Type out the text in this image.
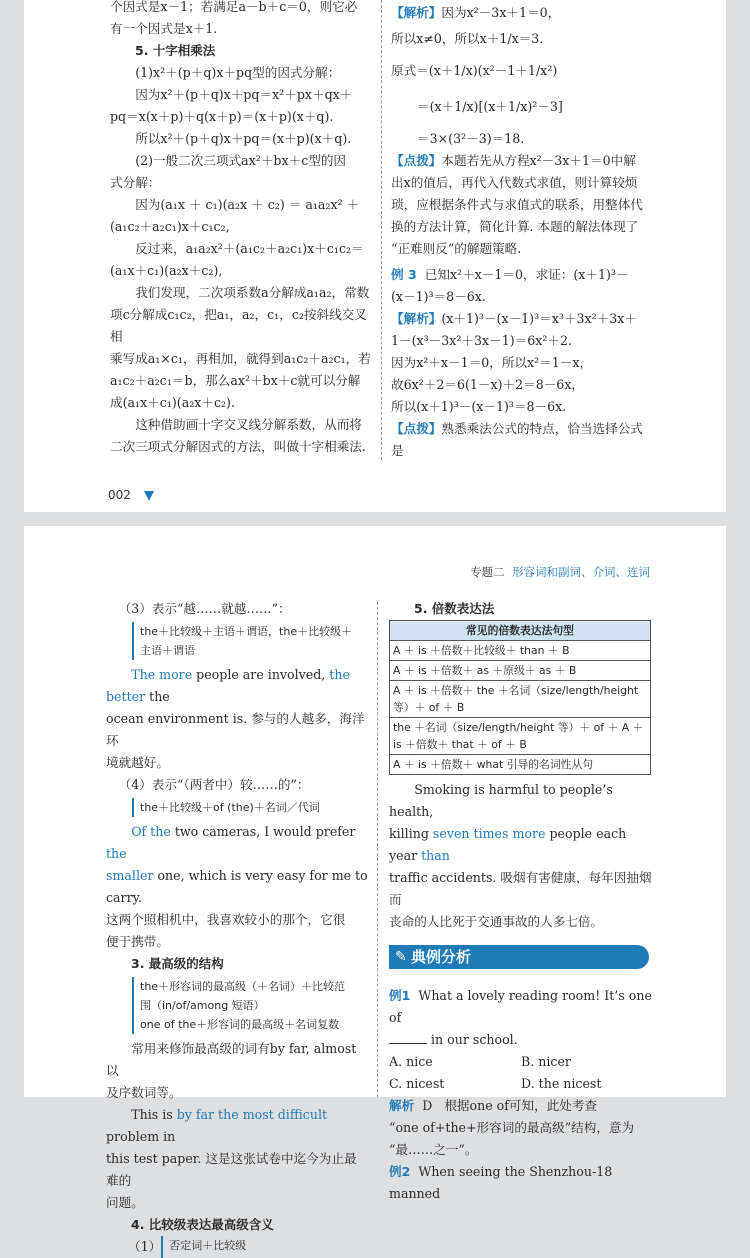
个因式是x－1；若满足a－b＋c＝0，则它必
有一个因式是x＋1.
5. 十字相乘法
(1)x²＋(p＋q)x＋pq型的因式分解：
因为x²＋(p＋q)x＋pq＝x²＋px＋qx＋
pq＝x(x＋p)＋q(x＋p)＝(x＋p)(x＋q).
所以x²＋(p＋q)x＋pq＝(x＋p)(x＋q).
(2)一般二次三项式ax²＋bx＋c型的因
式分解：
因为(a₁x ＋ c₁)(a₂x ＋ c₂) ＝ a₁a₂x² ＋
(a₁c₂＋a₂c₁)x＋c₁c₂,
反过来，a₁a₂x²＋(a₁c₂＋a₂c₁)x＋c₁c₂＝
(a₁x＋c₁)(a₂x＋c₂),
我们发现，二次项系数a分解成a₁a₂，常数
项c分解成c₁c₂，把a₁，a₂，c₁，c₂按斜线交叉相
乘写成a₁×c₁，再相加，就得到a₁c₂＋a₂c₁，若
a₁c₂＋a₂c₁＝b，那么ax²＋bx＋c就可以分解
成(a₁x＋c₁)(a₂x＋c₂).
这种借助画十字交叉线分解系数，从而将
二次三项式分解因式的方法，叫做十字相乘法.
【解析】因为x²－3x＋1＝0，
所以x≠0，所以x＋1/x＝3.
原式＝(x＋1/x)(x²－1＋1/x²)
＝(x＋1/x)[(x＋1/x)²－3]
＝3×(3²－3)＝18.
【点拨】本题若先从方程x²－3x＋1＝0中解
出x的值后，再代入代数式求值，则计算较烦
琐，应根据条件式与求值式的联系，用整体代
换的方法计算，简化计算. 本题的解法体现了
“正难则反”的解题策略.
例 3 已知x²＋x－1＝0，求证：(x＋1)³－
(x－1)³＝8－6x.
【解析】(x＋1)³－(x－1)³＝x³＋3x²＋3x＋
1－(x³－3x²＋3x－1)＝6x²＋2.
因为x²＋x－1＝0，所以x²＝1－x，
故6x²＋2＝6(1－x)＋2＝8－6x，
所以(x＋1)³－(x－1)³＝8－6x.
【点拨】熟悉乘法公式的特点，恰当选择公式是
002
专题二 形容词和副词、介词、连词
（3）表示“越……就越……”：
the＋比较级＋主语＋谓语，the＋比较级＋
主语＋谓语
The more people are involved, the better the
ocean environment is. 参与的人越多，海洋环
境就越好。
（4）表示“（两者中）较……的”：
the＋比较级＋of (the)＋名词／代词
Of the two cameras, I would prefer the
smaller one, which is very easy for me to carry.
这两个照相机中，我喜欢较小的那个，它很
便于携带。
3. 最高级的结构
the＋形容词的最高级（＋名词）＋比较范
围（in/of/among 短语）
one of the＋形容词的最高级＋名词复数
常用来修饰最高级的词有by far, almost以
及序数词等。
This is by far the most difficult problem in
this test paper. 这是这张试卷中迄今为止最难的
问题。
4. 比较级表达最高级含义
（1） 否定词＋比较级
5. 倍数表达法
常见的倍数表达法句型
A ＋ is ＋倍数＋比较级＋ than ＋ B
A ＋ is ＋倍数＋ as ＋原级＋ as ＋ B
A ＋ is ＋倍数＋ the ＋名词（size/length/height 等）＋ of ＋ B
the ＋名词（size/length/height 等）＋ of ＋ A ＋ is ＋倍数＋ that ＋ of ＋ B
A ＋ is ＋倍数＋ what 引导的名词性从句
Smoking is harmful to people’s health,
killing seven times more people each year than
traffic accidents. 吸烟有害健康，每年因抽烟而
丧命的人比死于交通事故的人多七倍。
✎ 典例分析
例1 What a lovely reading room! It’s one of
in our school.
A. nice	B. nicer
C. nicest	D. the nicest
解析 D 根据one of可知，此处考查
“one of+the+形容词的最高级”结构，意为
“最……之一”。
例2 When seeing the Shenzhou-18 manned
